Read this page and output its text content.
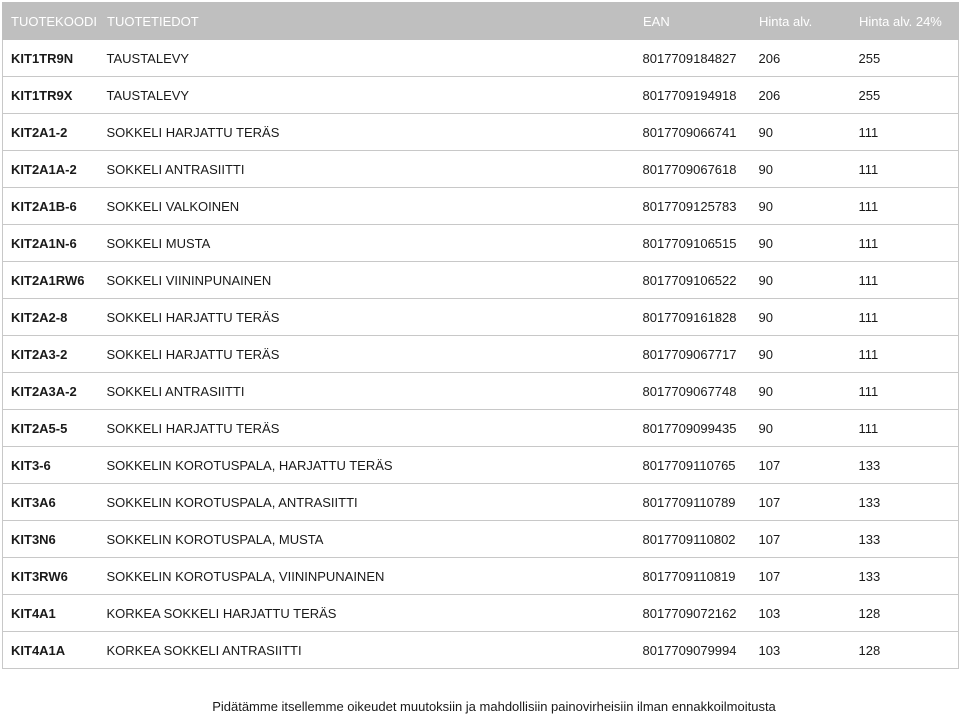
TUOTEKOODI	TUOTETIEDOT	EAN	Hinta alv.	Hinta alv. 24%
KIT1TR9N	TAUSTALEVY	8017709184827	206	255
KIT1TR9X	TAUSTALEVY	8017709194918	206	255
KIT2A1-2	SOKKELI HARJATTU TERÄS	8017709066741	90	111
KIT2A1A-2	SOKKELI ANTRASIITTI	8017709067618	90	111
KIT2A1B-6	SOKKELI VALKOINEN	8017709125783	90	111
KIT2A1N-6	SOKKELI MUSTA	8017709106515	90	111
KIT2A1RW6	SOKKELI VIININPUNAINEN	8017709106522	90	111
KIT2A2-8	SOKKELI HARJATTU TERÄS	8017709161828	90	111
KIT2A3-2	SOKKELI HARJATTU TERÄS	8017709067717	90	111
KIT2A3A-2	SOKKELI ANTRASIITTI	8017709067748	90	111
KIT2A5-5	SOKKELI HARJATTU TERÄS	8017709099435	90	111
KIT3-6	SOKKELIN KOROTUSPALA, HARJATTU TERÄS	8017709110765	107	133
KIT3A6	SOKKELIN KOROTUSPALA, ANTRASIITTI	8017709110789	107	133
KIT3N6	SOKKELIN KOROTUSPALA, MUSTA	8017709110802	107	133
KIT3RW6	SOKKELIN KOROTUSPALA, VIININPUNAINEN	8017709110819	107	133
KIT4A1	KORKEA SOKKELI HARJATTU TERÄS	8017709072162	103	128
KIT4A1A	KORKEA SOKKELI ANTRASIITTI	8017709079994	103	128
Pidätämme itsellemme oikeudet muutoksiin ja mahdollisiin painovirheisiin ilman ennakkoilmoitusta
